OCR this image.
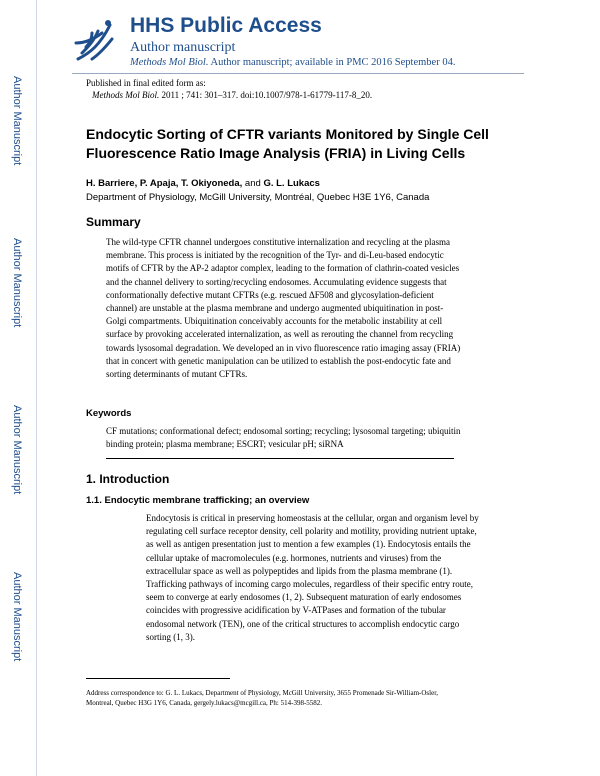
Author Manuscript
Author Manuscript
Author Manuscript
Author Manuscript
HHS Public Access
Author manuscript
Methods Mol Biol. Author manuscript; available in PMC 2016 September 04.
Published in final edited form as:
Methods Mol Biol. 2011 ; 741: 301–317. doi:10.1007/978-1-61779-117-8_20.
Endocytic Sorting of CFTR variants Monitored by Single Cell Fluorescence Ratio Image Analysis (FRIA) in Living Cells
H. Barriere, P. Apaja, T. Okiyoneda, and G. L. Lukacs
Department of Physiology, McGill University, Montréal, Quebec H3E 1Y6, Canada
Summary

The wild-type CFTR channel undergoes constitutive internalization and recycling at the plasma
membrane. This process is initiated by the recognition of the Tyr- and di-Leu-based endocytic
motifs of CFTR by the AP-2 adaptor complex, leading to the formation of clathrin-coated vesicles
and the channel delivery to sorting/recycling endosomes. Accumulating evidence suggests that
conformationally defective mutant CFTRs (e.g. rescued ΔF508 and glycosylation-deficient
channel) are unstable at the plasma membrane and undergo augmented ubiquitination in post-
Golgi compartments. Ubiquitination conceivably accounts for the metabolic instability at cell
surface by provoking accelerated internalization, as well as rerouting the channel from recycling
towards lysosomal degradation. We developed an in vivo fluorescence ratio imaging assay (FRIA)
that in concert with genetic manipulation can be utilized to establish the post-endocytic fate and
sorting determinants of mutant CFTRs.

Keywords

CF mutations; conformational defect; endosomal sorting; recycling; lysosomal targeting; ubiquitin
binding protein; plasma membrane; ESCRT; vesicular pH; siRNA

1. Introduction
1.1. Endocytic membrane trafficking; an overview

Endocytosis is critical in preserving homeostasis at the cellular, organ and organism level by
regulating cell surface receptor density, cell polarity and motility, providing nutrient uptake,
as well as antigen presentation just to mention a few examples (1). Endocytosis entails the
cellular uptake of macromolecules (e.g. hormones, nutrients and viruses) from the
extracellular space as well as polypeptides and lipids from the plasma membrane (1).
Trafficking pathways of incoming cargo molecules, regardless of their specific entry route,
seem to converge at early endosomes (1, 2). Subsequent maturation of early endosomes
coincides with progressive acidification by V-ATPases and formation of the tubular
endosomal network (TEN), one of the critical structures to accomplish endocytic cargo
sorting (1, 3).

Address correspondence to: G. L. Lukacs, Department of Physiology, McGill University, 3655 Promenade Sir-William-Osler,
Montreal, Quebec H3G 1Y6, Canada, gergely.lukacs@mcgill.ca, Ph: 514-398-5582.
